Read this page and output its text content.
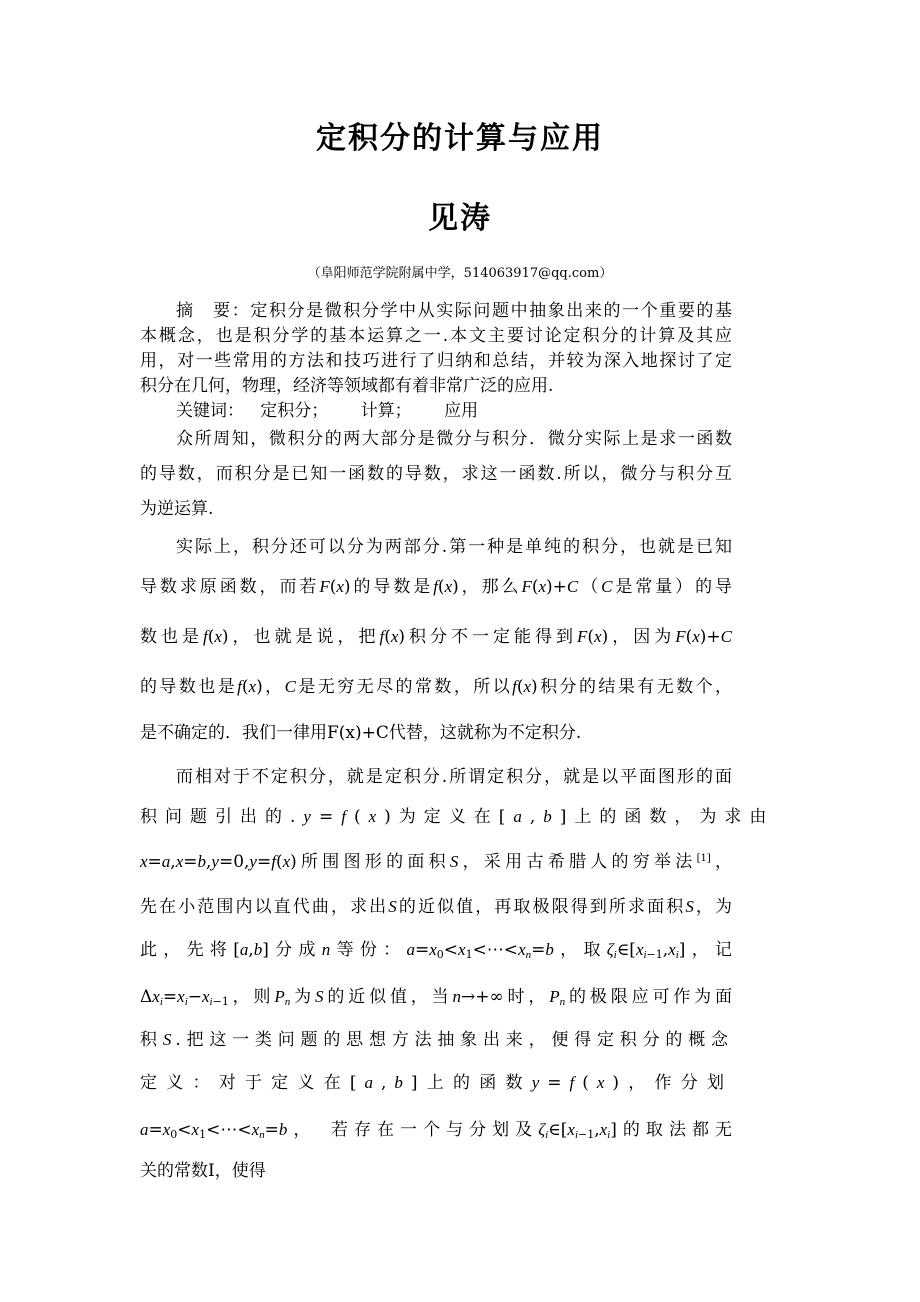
定积分的计算与应用
见涛
（阜阳师范学院附属中学，514063917@qq.com）
摘　要：定积分是微积分学中从实际问题中抽象出来的一个重要的基
本概念，也是积分学的基本运算之一.本文主要讨论定积分的计算及其应
用，对一些常用的方法和技巧进行了归纳和总结，并较为深入地探讨了定
积分在几何，物理，经济等领域都有着非常广泛的应用.
关键词： 定积分； 计算； 应用
众所周知，微积分的两大部分是微分与积分．微分实际上是求一函数
的导数，而积分是已知一函数的导数，求这一函数.所以，微分与积分互
为逆运算.
实际上，积分还可以分为两部分.第一种是单纯的积分，也就是已知
导数求原函数，而若F(x)的导数是f(x)，那么F(x)+C（C是常量）的导
数也是f(x)，也就是说，把f(x)积分不一定能得到F(x)，因为F(x)+C
的导数也是f(x)，C是无穷无尽的常数，所以f(x)积分的结果有无数个，
是不确定的．我们一律用F(x)+C代替，这就称为不定积分.
而相对于不定积分，就是定积分.所谓定积分，就是以平面图形的面
积问题引出的.y=f(x)为定义在[a,b]上的函数，为求由
x=a,x=b,y=0,y=f(x)所围图形的面积S，采用古希腊人的穷举法[1]，
先在小范围内以直代曲，求出S的近似值，再取极限得到所求面积S，为
此，先将[a,b]分成n等份：$a=x_0<x_1<\cdots<x_n=b$，取$\zeta_i\in[x_{i-1},x_i]$，记
$\Delta x_i=x_i-x_{i-1}$，则$P_n$为S的近似值，当n→+∞时，$P_n$的极限应可作为面
积S.把这一类问题的思想方法抽象出来，便得定积分的概念
定义：对于定义在[a,b]上的函数y=f(x)，作分划
$a=x_0<x_1<\cdots<x_n=b$，　若存在一个与分划及$\zeta_i\in[x_{i-1},x_i]$的取法都无
关的常数I，使得
